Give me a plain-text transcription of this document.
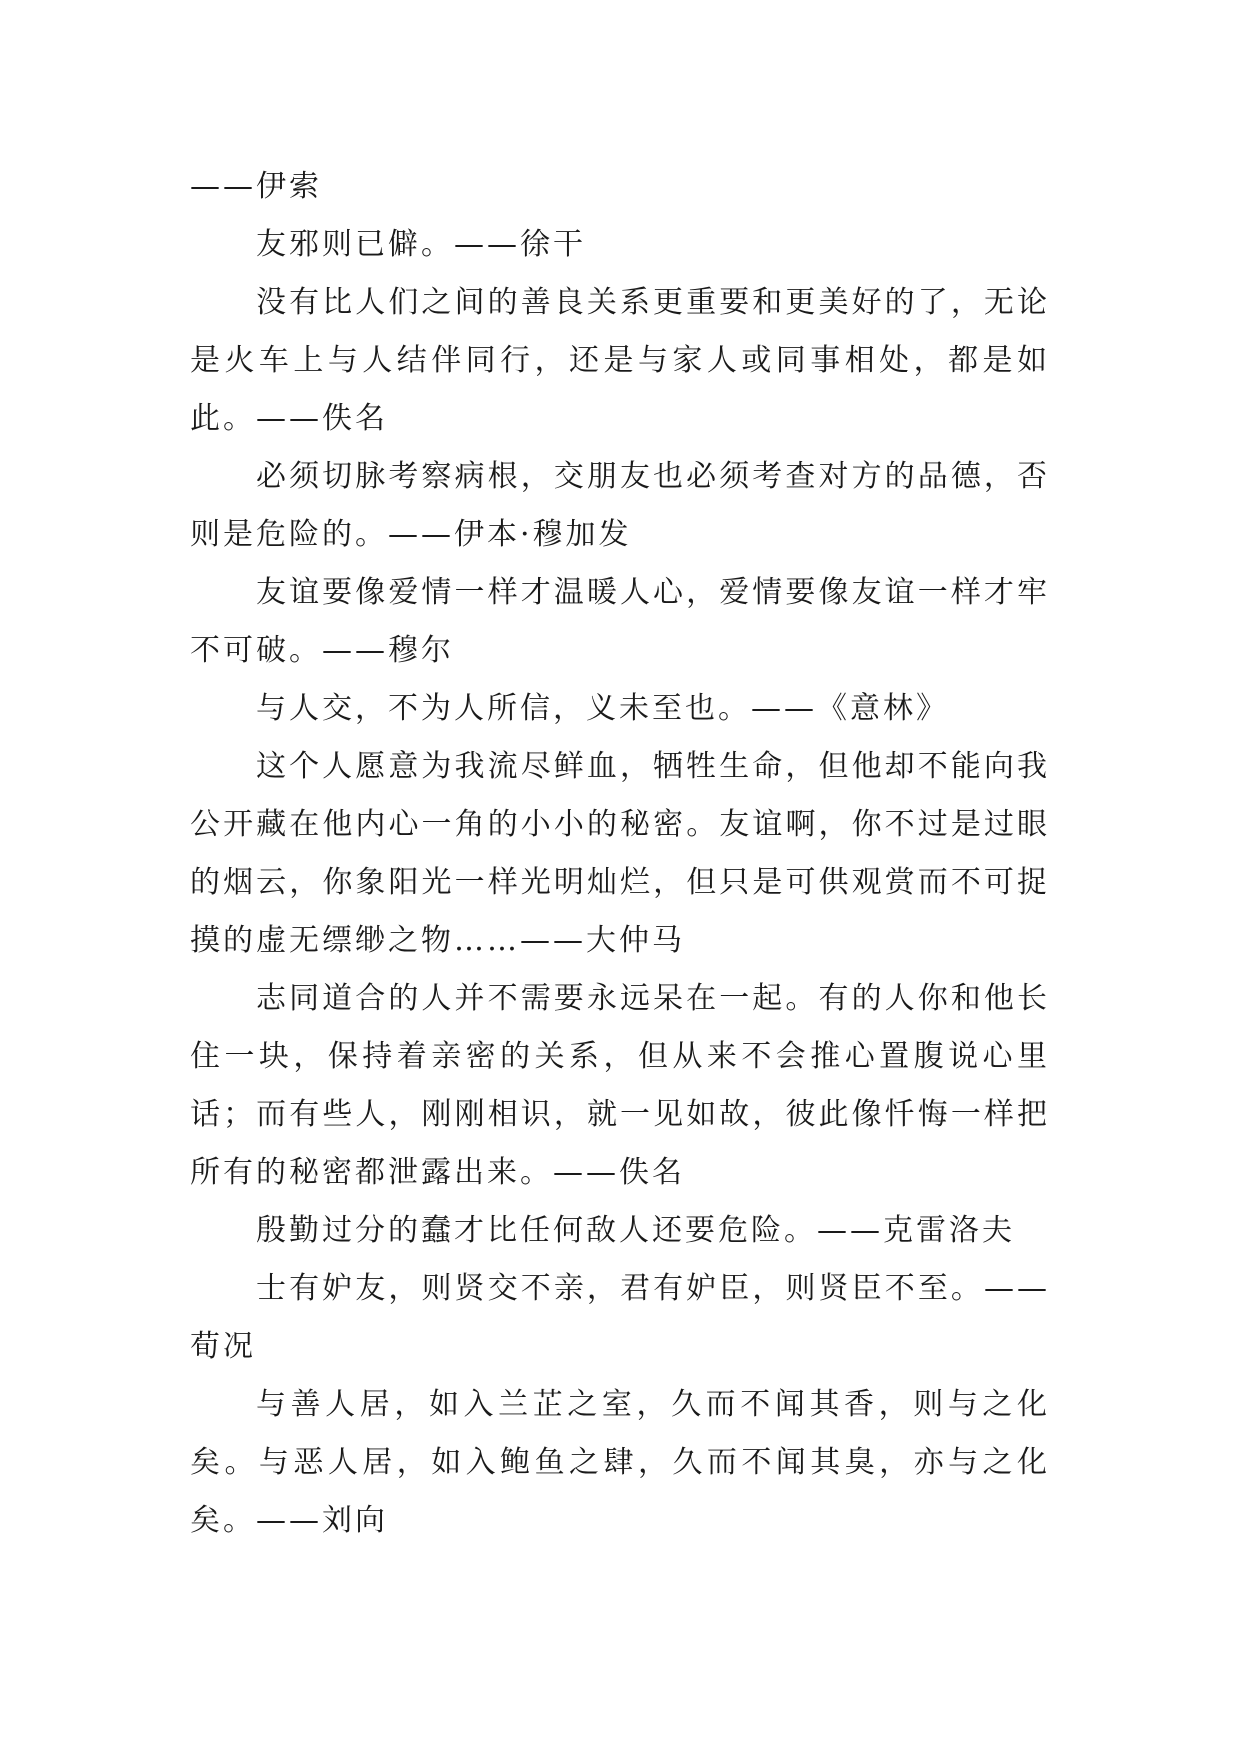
——伊索

友邪则已僻。——徐干

没有比人们之间的善良关系更重要和更美好的了，无论是火车上与人结伴同行，还是与家人或同事相处，都是如此。——佚名

必须切脉考察病根，交朋友也必须考查对方的品德，否则是危险的。——伊本·穆加发

友谊要像爱情一样才温暖人心，爱情要像友谊一样才牢不可破。——穆尔

与人交，不为人所信，义未至也。——《意林》

这个人愿意为我流尽鲜血，牺牲生命，但他却不能向我公开藏在他内心一角的小小的秘密。友谊啊，你不过是过眼的烟云，你象阳光一样光明灿烂，但只是可供观赏而不可捉摸的虚无缥缈之物……——大仲马

志同道合的人并不需要永远呆在一起。有的人你和他长住一块，保持着亲密的关系，但从来不会推心置腹说心里话；而有些人，刚刚相识，就一见如故，彼此像忏悔一样把所有的秘密都泄露出来。——佚名

殷勤过分的蠢才比任何敌人还要危险。——克雷洛夫

士有妒友，则贤交不亲，君有妒臣，则贤臣不至。——荀况

与善人居，如入兰芷之室，久而不闻其香，则与之化矣。与恶人居，如入鲍鱼之肆，久而不闻其臭，亦与之化矣。——刘向
